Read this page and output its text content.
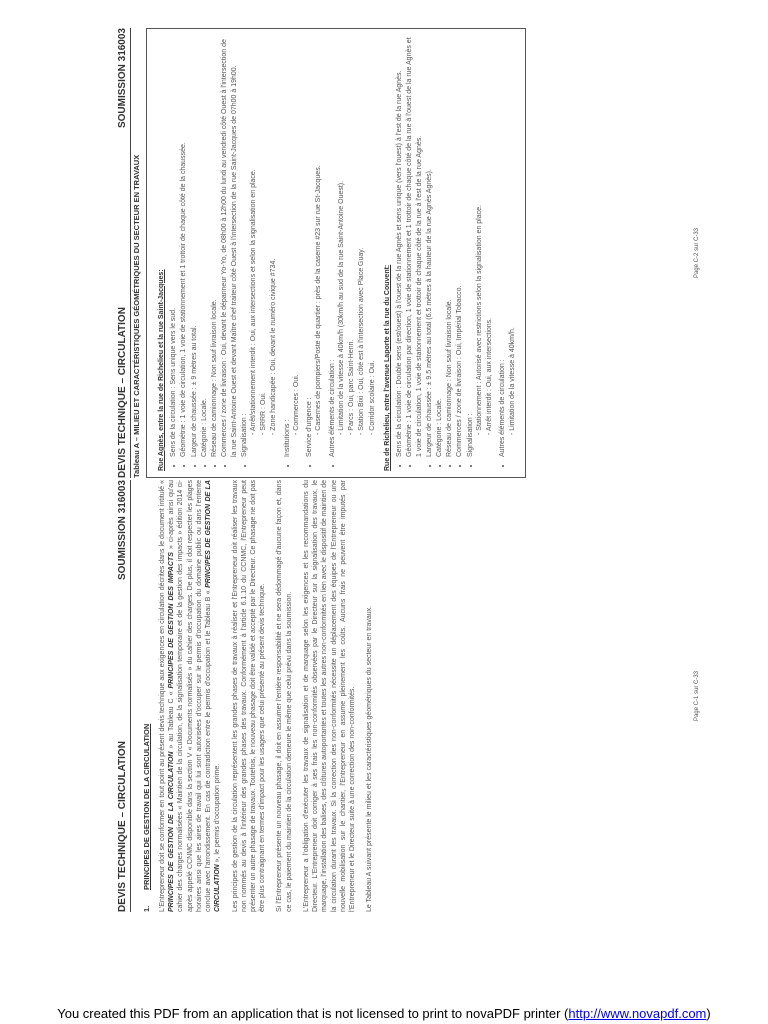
DEVIS TECHNIQUE – CIRCULATION
SOUMISSION 316003
1.PRINCIPES DE GESTION DE LA CIRCULATION L'Entrepreneur doit se conformer en tout point au présent devis technique aux exigences en circulation décrites dans le document intitulé « PRINCIPES DE GESTION DE LA CIRCULATION » au Tableau C « PRINCIPES DE GESTION DES IMPACTS » ci-après ainsi qu'au cahier des charges normalisées « Maintien de la circulation, de la signalisation temporaire et de la gestion des impacts » édition 2014 ci-après appelé CCNMC disponible dans la section V « Documents normalisés » du cahier des charges. De plus, il doit respecter les plages horaires ainsi que les aires de travail qui lui sont autorisées d'occuper sur le permis d'occupation du domaine public ou dans l'entente conclue avec l'arrondissement. En cas de contradiction entre le permis d'occupation et le Tableau B « PRINCIPES DE GESTION DE LA CIRCULATION », le permis d'occupation prime. Les principes de gestion de la circulation représentent les grandes phases de travaux à réaliser et l'Entrepreneur doit réaliser les travaux non nommés au devis à l'intérieur des grandes phases des travaux. Conformément à l'article 6.1.10 du CCNMC, l'Entrepreneur peut présenter un autre phasage de travaux. Toutefois, le nouveau phasage doit être validé et accepté par le Directeur. Ce phasage ne doit pas être plus contraignant en termes d'impact pour les usagers que celui présenté au présent devis technique. Si l'Entrepreneur présente un nouveau phasage, il doit en assumer l'entière responsabilité et ne sera dédommagé d'aucune façon et, dans ce cas, le paiement du maintien de la circulation demeure le même que celui prévu dans la soumission. L'Entrepreneur a l'obligation d'exécuter les travaux de signalisation et de marquage selon les exigences et les recommandations du Directeur. L'Entrepreneur doit corriger à ses frais les non-conformités observées par le Directeur sur la signalisation des travaux, le marquage, l'installation des balises, des clôtures autoportantes et toutes les autres non-conformités en lien avec le dispositif de maintien de la circulation durant les travaux. Si la correction des non-conformités nécessite un déplacement des équipes de l'Entrepreneur ou une nouvelle mobilisation sur le chantier, l'Entrepreneur en assume pleinement les coûts. Aucuns frais ne peuvent être imputés par l'Entrepreneur et le Directeur suite à une correction des non-conformités. Le Tableau A suivant présente le milieu et les caractéristiques géométriques du secteur en travaux.	Page C-1 sur C-33
DEVIS TECHNIQUE – CIRCULATION
SOUMISSION 316003
Tableau A – MILIEU ET CARACTÉRISTIQUES GÉOMÉTRIQUES DU SECTEUR EN TRAVAUX Rue Agnès, entre la rue de Richelieu et la rue Saint-Jacques: • Sens de la circulation : Sens unique vers le sud. • Géométrie : 1 voie de circulation, 1 voie de stationnement et 1 trottoir de chaque côté de la chaussée. • Largeur de chaussée : ± 9 mètres au total. • Catégorie : Locale. • Réseau de camionnage : Non sauf livraison locale. • Commerces / zone de livraison : Oui, devant le dépanneur Yo-Yo, de 08h00 à 12h00 du lundi au vendredi côté Ouest à l'intersection de la rue Saint-Antoine Ouest et devant Maître chef traiteur côté Ouest à l'intersection de la rue Saint-Jacques de 07h00 à 19h00. • Signalisation :
- Arrêt/stationnement interdit : Oui, aux intersections et selon la signalisation en place. - SRRR : Oui. - Zone handicapée : Oui, devant le numéro civique #734.
• Institutions :
- Commerces : Oui. • Service d'urgence : - Casernes de pompiers/Poste de quartier : près de la caserne #23 sur rue St-Jacques. • Autres éléments de circulation : - Limitation de la vitesse à 40km/h (30km/h au sud de la rue Saint-Antoine Ouest). - Parcs : Oui, parc Saint-Henri. - Station Bixi : Oui, côté est à l'intersection avec Place Guay. - Corridor scolaire : Oui. Rue de Richelieu, entre l'avenue Laporte et la rue du Couvent: • Sens de la circulation : Double sens (est/ouest) à l'ouest de la rue Agnès et sens unique (vers l'ouest) à l'est de la rue Agnès. • Géométrie : 1 voie de circulation par direction, 1 voie de stationnement et 1 trottoir de chaque côté de la rue à l'ouest de la rue Agnès et 1 voie de circulation, 1 voie de stationnement et trottoir de chaque côté de la rue à l'est de la rue Agnès. • Largeur de chaussée : ± 9.5 mètres au total (6.5 mètres à la hauteur de la rue Agnès Agnès). • Catégorie : Locale. • Réseau de camionnage : Non sauf livraison locale. • Commerces / zone de livraison : Oui, Impérial Tobacco. • Signalisation :
- Stationnement : Autorisé avec restrictions selon la signalisation en place. - Arrêt interdit : Oui, aux intersections. • Autres éléments de circulation : - Limitation de la vitesse à 40km/h.
Page C-2 sur C-33
You created this PDF from an application that is not licensed to print to novaPDF printer (http://www.novapdf.com)
